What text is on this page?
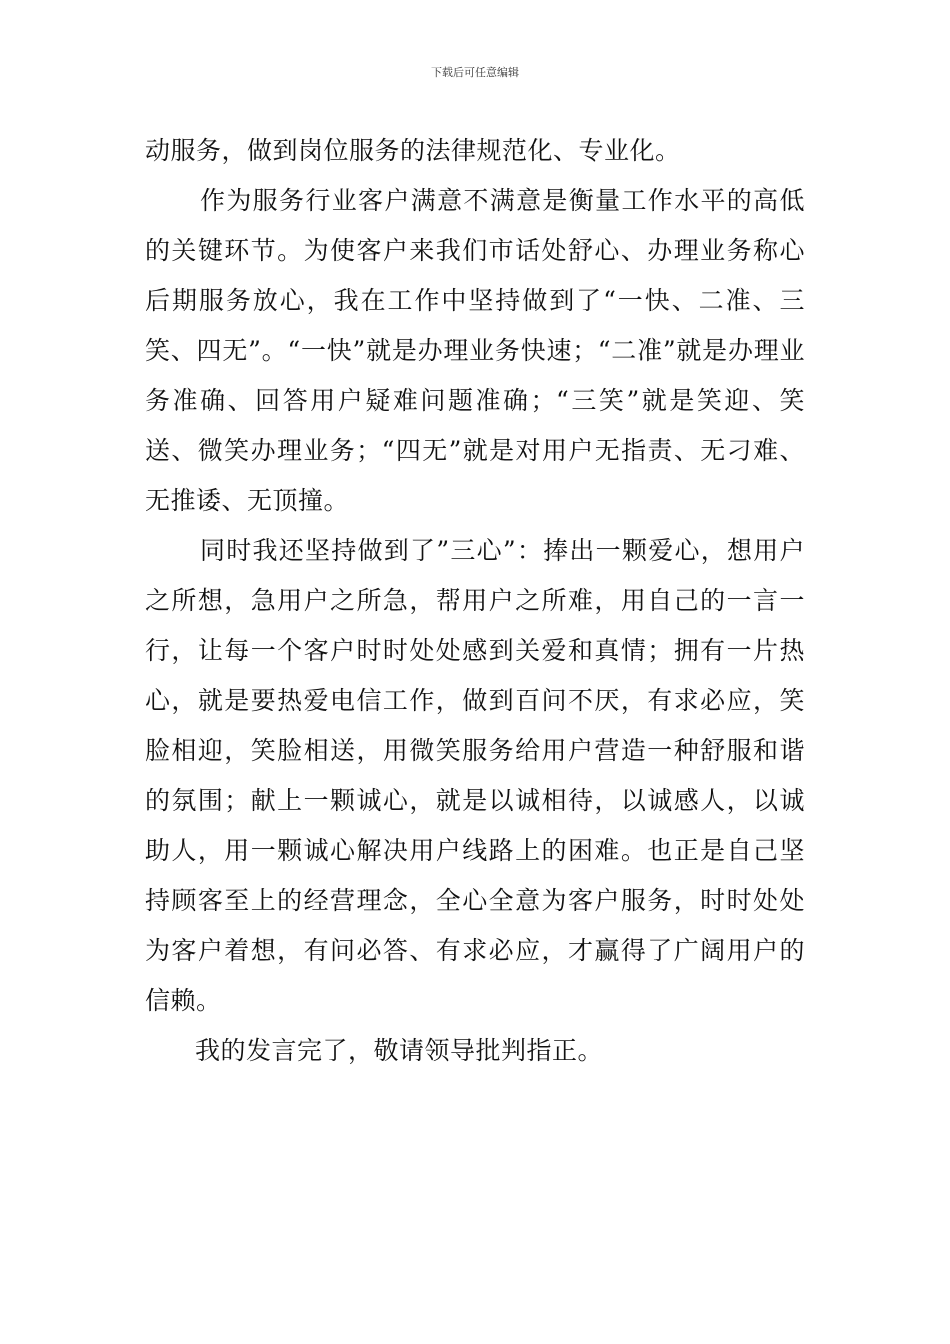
下载后可任意编辑

动服务，做到岗位服务的法律规范化、专业化。

作为服务行业客户满意不满意是衡量工作水平的高低的关键环节。为使客户来我们市话处舒心、办理业务称心后期服务放心，我在工作中坚持做到了“一快、二准、三笑、四无”。“一快”就是办理业务快速；“二准”就是办理业务准确、回答用户疑难问题准确；“三笑”就是笑迎、笑送、微笑办理业务；“四无”就是对用户无指责、无刁难、无推诿、无顶撞。

同时我还坚持做到了”三心”：捧出一颗爱心，想用户之所想，急用户之所急，帮用户之所难，用自己的一言一行，让每一个客户时时处处感到关爱和真情；拥有一片热心，就是要热爱电信工作，做到百问不厌，有求必应，笑脸相迎，笑脸相送，用微笑服务给用户营造一种舒服和谐的氛围；献上一颗诚心，就是以诚相待，以诚感人，以诚助人，用一颗诚心解决用户线路上的困难。也正是自己坚持顾客至上的经营理念，全心全意为客户服务，时时处处为客户着想，有问必答、有求必应，才赢得了广阔用户的信赖。

我的发言完了，敬请领导批判指正。
